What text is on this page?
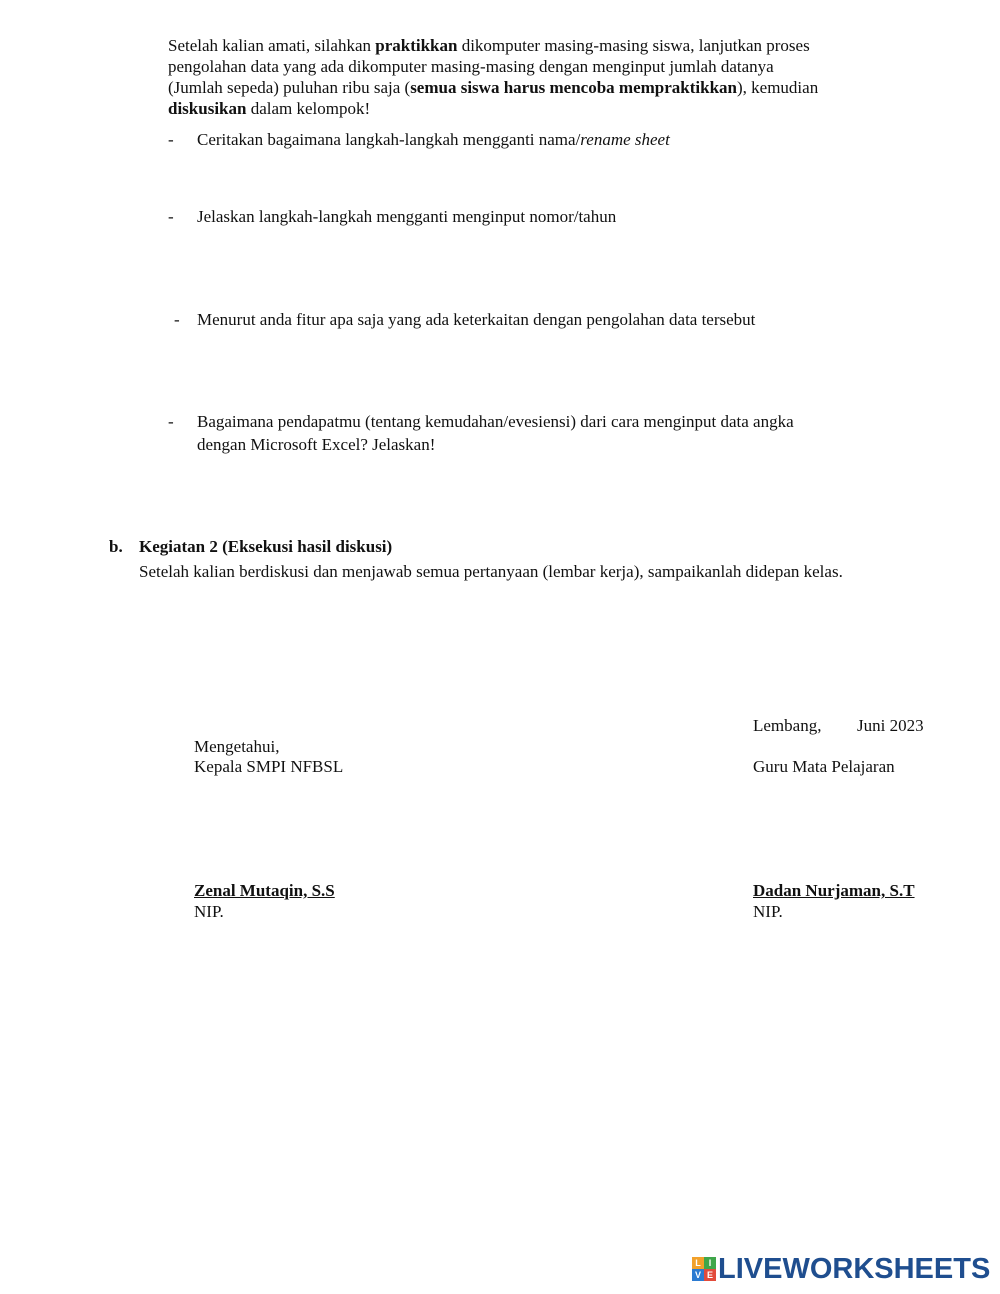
Setelah kalian amati, silahkan praktikkan dikomputer masing-masing siswa, lanjutkan proses
pengolahan data yang ada dikomputer masing-masing dengan menginput jumlah datanya
(Jumlah sepeda) puluhan ribu saja (semua siswa harus mencoba mempraktikkan), kemudian
diskusikan dalam kelompok!
- Ceritakan bagaimana langkah-langkah mengganti nama/rename sheet
- Jelaskan langkah-langkah mengganti menginput nomor/tahun
- Menurut anda fitur apa saja yang ada keterkaitan dengan pengolahan data tersebut
- Bagaimana pendapatmu (tentang kemudahan/evesiensi) dari cara menginput data angka
dengan Microsoft Excel? Jelaskan!
b. Kegiatan 2 (Eksekusi hasil diskusi)
Setelah kalian berdiskusi dan menjawab semua pertanyaan (lembar kerja), sampaikanlah didepan kelas.
Lembang, Juni 2023
Mengetahui,
Kepala SMPI NFBSL	Guru Mata Pelajaran
Zenal Mutaqin, S.S
NIP.
Dadan Nurjaman, S.T
NIP.
L I
V E LIVEWORKSHEETS
